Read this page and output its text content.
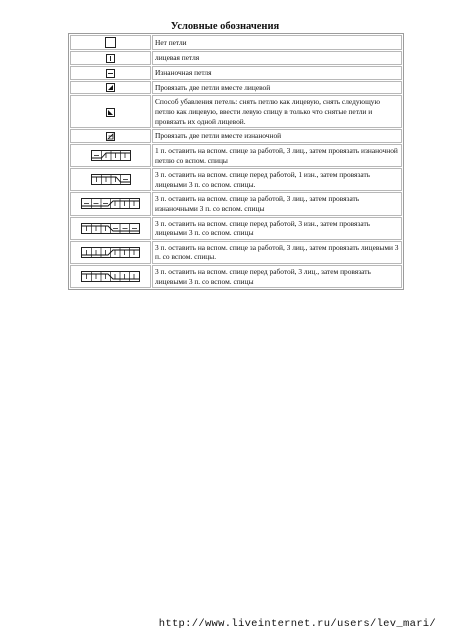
Условные обозначения
	Нет петли

	лицевая петля

	Изнаночная петля

	Провязать две петли вместе лицевой

	Способ убавления петель: снять петлю как лицевую, снять следующую петлю как лицевую, ввести левую спицу в только что снятые петли и провязать их одной лицевой.

	Провязать две петли вместе изнаночной

	1 п. оставить на вспом. спице за работой, 3 лиц., затем провязать изнаночной петлю со вспом. спицы

	3 п. оставить на вспом. спице перед работой, 1 изн., затем провязать лицевыми 3 п. со вспом. спицы.

	3 п. оставить на вспом. спице за работой, 3 лиц., затем провязать изнаночными 3 п. со вспом. спицы

	3 п. оставить на вспом. спице перед работой, 3 изн., затем провязать лицевыми 3 п. со вспом. спицы

	3 п. оставить на вспом. спице за работой, 3 лиц., затем провязать лицевыми 3 п. со вспом. спицы.

	3 п. оставить на вспом. спице перед работой, 3 лиц., затем провязать лицевыми 3 п. со вспом. спицы
http://www.liveinternet.ru/users/lev_mari/
